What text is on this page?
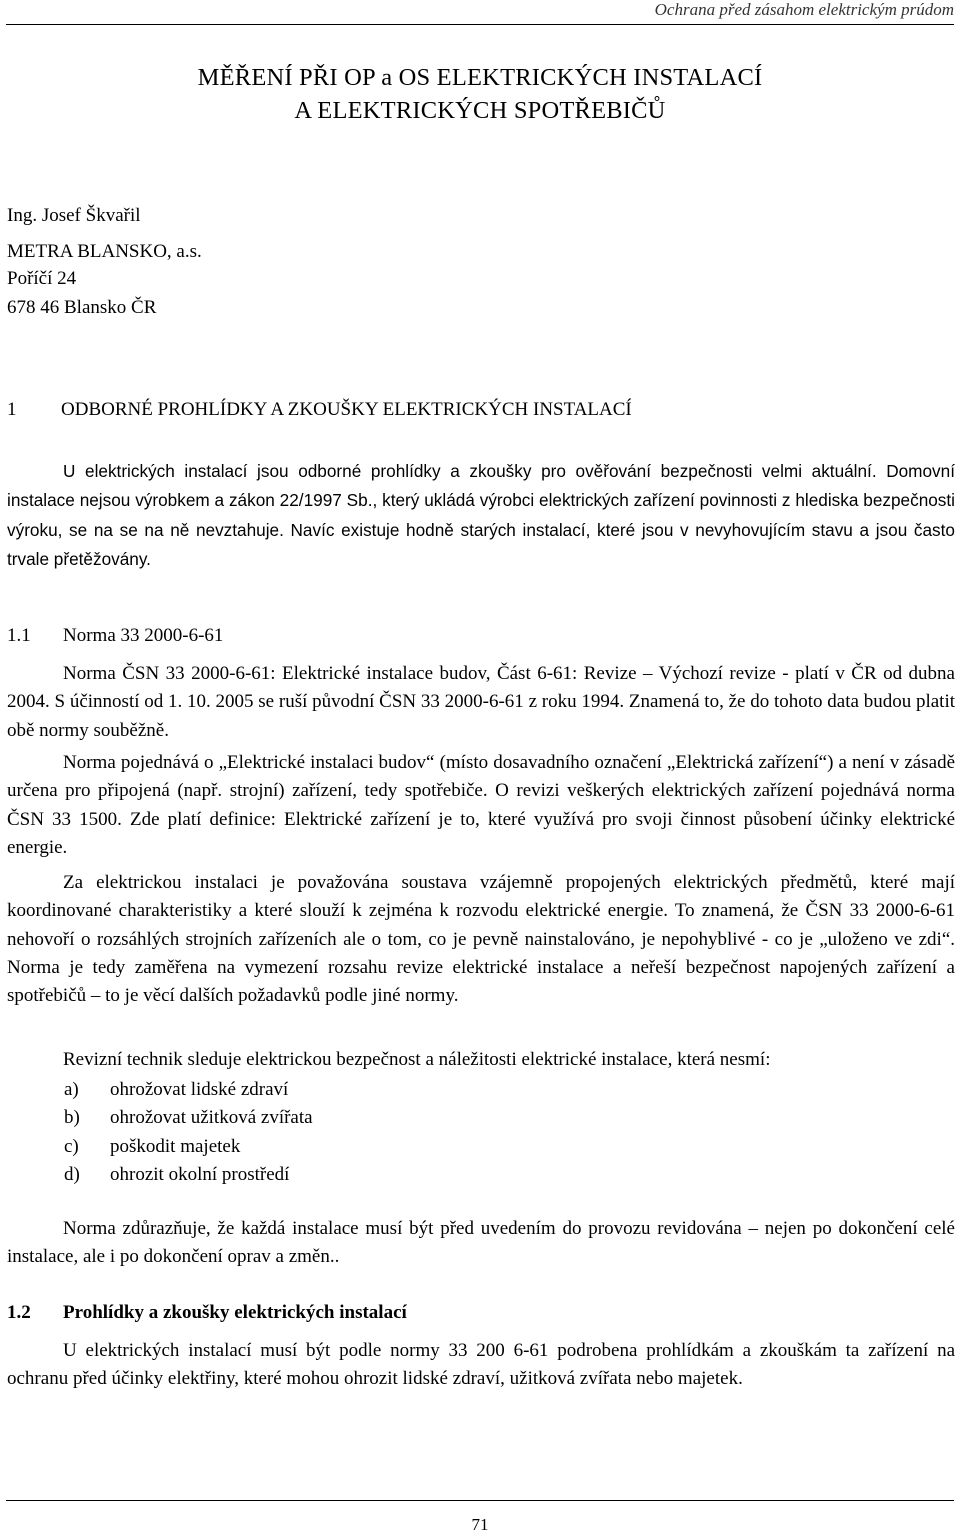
Ochrana před zásahom elektrickým prúdom
MĚŘENÍ PŘI OP a OS ELEKTRICKÝCH INSTALACÍ
A ELEKTRICKÝCH SPOTŘEBIČŮ
Ing. Josef Škvařil
METRA BLANSKO, a.s.
Poříčí 24
678 46 Blansko ČR
1 ODBORNÉ PROHLÍDKY A ZKOUŠKY ELEKTRICKÝCH INSTALACÍ

U elektrických instalací jsou odborné prohlídky a zkoušky pro ověřování bezpečnosti velmi aktuální. Domovní instalace nejsou výrobkem a zákon 22/1997 Sb., který ukládá výrobci elektrických zařízení povinnosti z hlediska bezpečnosti výroku, se na se na ně nevztahuje. Navíc existuje hodně starých instalací, které jsou v nevyhovujícím stavu a jsou často trvale přetěžovány.

1.1 Norma 33 2000-6-61

Norma ČSN 33 2000-6-61: Elektrické instalace budov, Část 6-61: Revize – Výchozí revize - platí v ČR od dubna 2004. S účinností od 1. 10. 2005 se ruší původní ČSN 33 2000-6-61 z roku 1994. Znamená to, že do tohoto data budou platit obě normy souběžně.

Norma pojednává o „Elektrické instalaci budov“ (místo dosavadního označení „Elektrická zařízení“) a není v zásadě určena pro připojená (např. strojní) zařízení, tedy spotřebiče. O revizi veškerých elektrických zařízení pojednává norma ČSN 33 1500. Zde platí definice: Elektrické zařízení je to, které využívá pro svoji činnost působení účinky elektrické energie.

Za elektrickou instalaci je považována soustava vzájemně propojených elektrických předmětů, které mají koordinované charakteristiky a které slouží k zejména k rozvodu elektrické energie. To znamená, že ČSN 33 2000-6-61 nehovoří o rozsáhlých strojních zařízeních ale o tom, co je pevně nainstalováno, je nepohyblivé - co je „uloženo ve zdi“. Norma je tedy zaměřena na vymezení rozsahu revize elektrické instalace a neřeší bezpečnost napojených zařízení a spotřebičů – to je věcí dalších požadavků podle jiné normy.

Revizní technik sleduje elektrickou bezpečnost a náležitosti elektrické instalace, která nesmí:

a) ohrožovat lidské zdraví
b) ohrožovat užitková zvířata
c) poškodit majetek
d) ohrozit okolní prostředí

Norma zdůrazňuje, že každá instalace musí být před uvedením do provozu revidována – nejen po dokončení celé instalace, ale i po dokončení oprav a změn..

1.2 Prohlídky a zkoušky elektrických instalací

U elektrických instalací musí být podle normy 33 200 6-61 podrobena prohlídkám a zkouškám ta zařízení na ochranu před účinky elektřiny, které mohou ohrozit lidské zdraví, užitková zvířata nebo majetek.

71
